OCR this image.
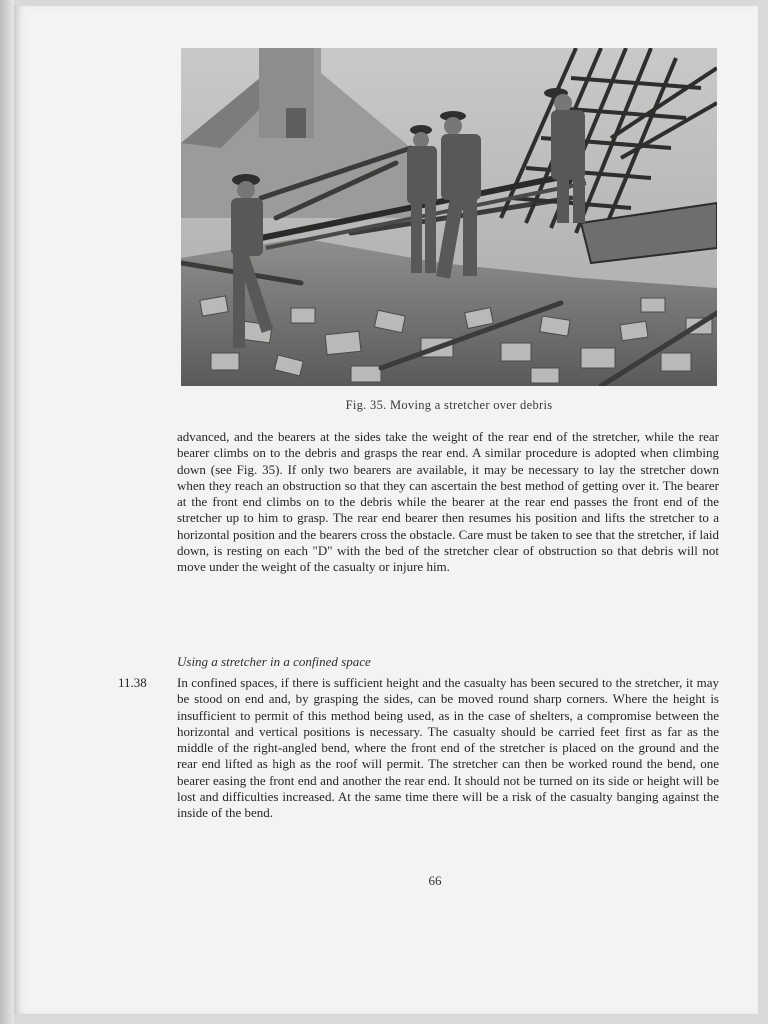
Fig. 35. Moving a stretcher over debris
advanced, and the bearers at the sides take the weight of the rear end of the stretcher, while the rear bearer climbs on to the debris and grasps the rear end. A similar procedure is adopted when climbing down (see Fig. 35). If only two bearers are available, it may be necessary to lay the stretcher down when they reach an obstruction so that they can ascertain the best method of getting over it. The bearer at the front end climbs on to the debris while the bearer at the rear end passes the front end of the stretcher up to him to grasp. The rear end bearer then resumes his position and lifts the stretcher to a horizontal position and the bearers cross the obstacle. Care must be taken to see that the stretcher, if laid down, is resting on each "D" with the bed of the stretcher clear of obstruction so that debris will not move under the weight of the casualty or injure him.
Using a stretcher in a confined space
11.38 In confined spaces, if there is sufficient height and the casualty has been secured to the stretcher, it may be stood on end and, by grasping the sides, can be moved round sharp corners. Where the height is insufficient to permit of this method being used, as in the case of shelters, a compromise between the horizontal and vertical positions is necessary. The casualty should be carried feet first as far as the middle of the right-angled bend, where the front end of the stretcher is placed on the ground and the rear end lifted as high as the roof will permit. The stretcher can then be worked round the bend, one bearer easing the front end and another the rear end. It should not be turned on its side or height will be lost and difficulties increased. At the same time there will be a risk of the casualty banging against the inside of the bend.
66
